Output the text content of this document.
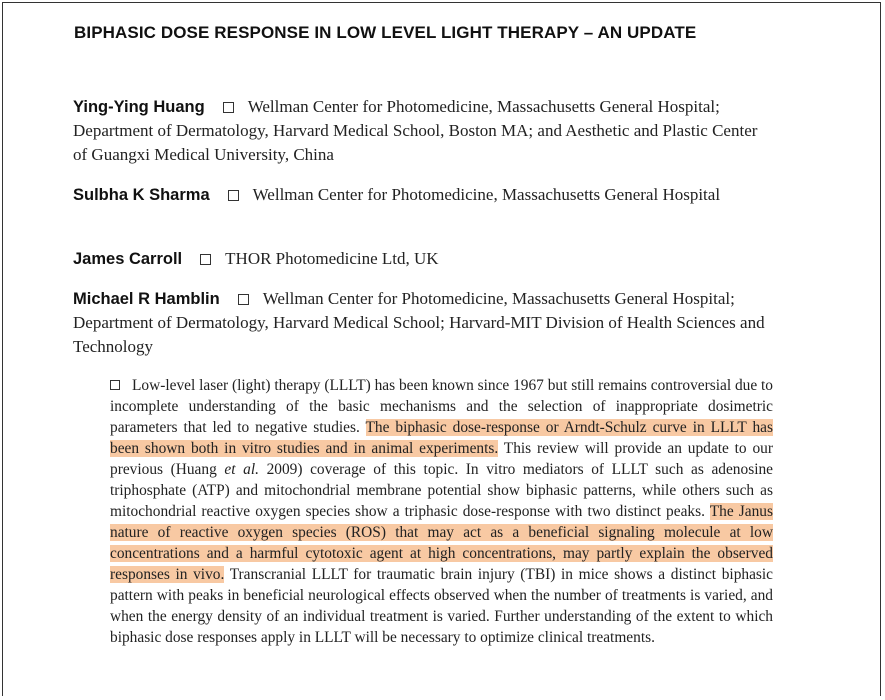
BIPHASIC DOSE RESPONSE IN LOW LEVEL LIGHT THERAPY – AN UPDATE
Ying-Ying Huang	Wellman Center for Photomedicine, Massachusetts General Hospital; Department of Dermatology, Harvard Medical School, Boston MA; and Aesthetic and Plastic Center of Guangxi Medical University, China
Sulbha K Sharma	Wellman Center for Photomedicine, Massachusetts General Hospital
James Carroll	THOR Photomedicine Ltd, UK
Michael R Hamblin	Wellman Center for Photomedicine, Massachusetts General Hospital; Department of Dermatology, Harvard Medical School; Harvard-MIT Division of Health Sciences and Technology
Low-level laser (light) therapy (LLLT) has been known since 1967 but still remains controversial due to incomplete understanding of the basic mechanisms and the selection of inappropriate dosimetric parameters that led to negative studies. The biphasic dose-response or Arndt-Schulz curve in LLLT has been shown both in vitro studies and in animal experiments. This review will provide an update to our previous (Huang et al. 2009) coverage of this topic. In vitro mediators of LLLT such as adenosine triphosphate (ATP) and mitochondrial membrane potential show biphasic patterns, while others such as mitochondrial reactive oxygen species show a triphasic dose-response with two distinct peaks. The Janus nature of reactive oxygen species (ROS) that may act as a beneficial signaling molecule at low concentrations and a harmful cytotoxic agent at high concentrations, may partly explain the observed responses in vivo. Transcranial LLLT for traumatic brain injury (TBI) in mice shows a distinct biphasic pattern with peaks in beneficial neurological effects observed when the number of treatments is varied, and when the energy density of an individual treatment is varied. Further understanding of the extent to which biphasic dose responses apply in LLLT will be necessary to optimize clinical treatments.
